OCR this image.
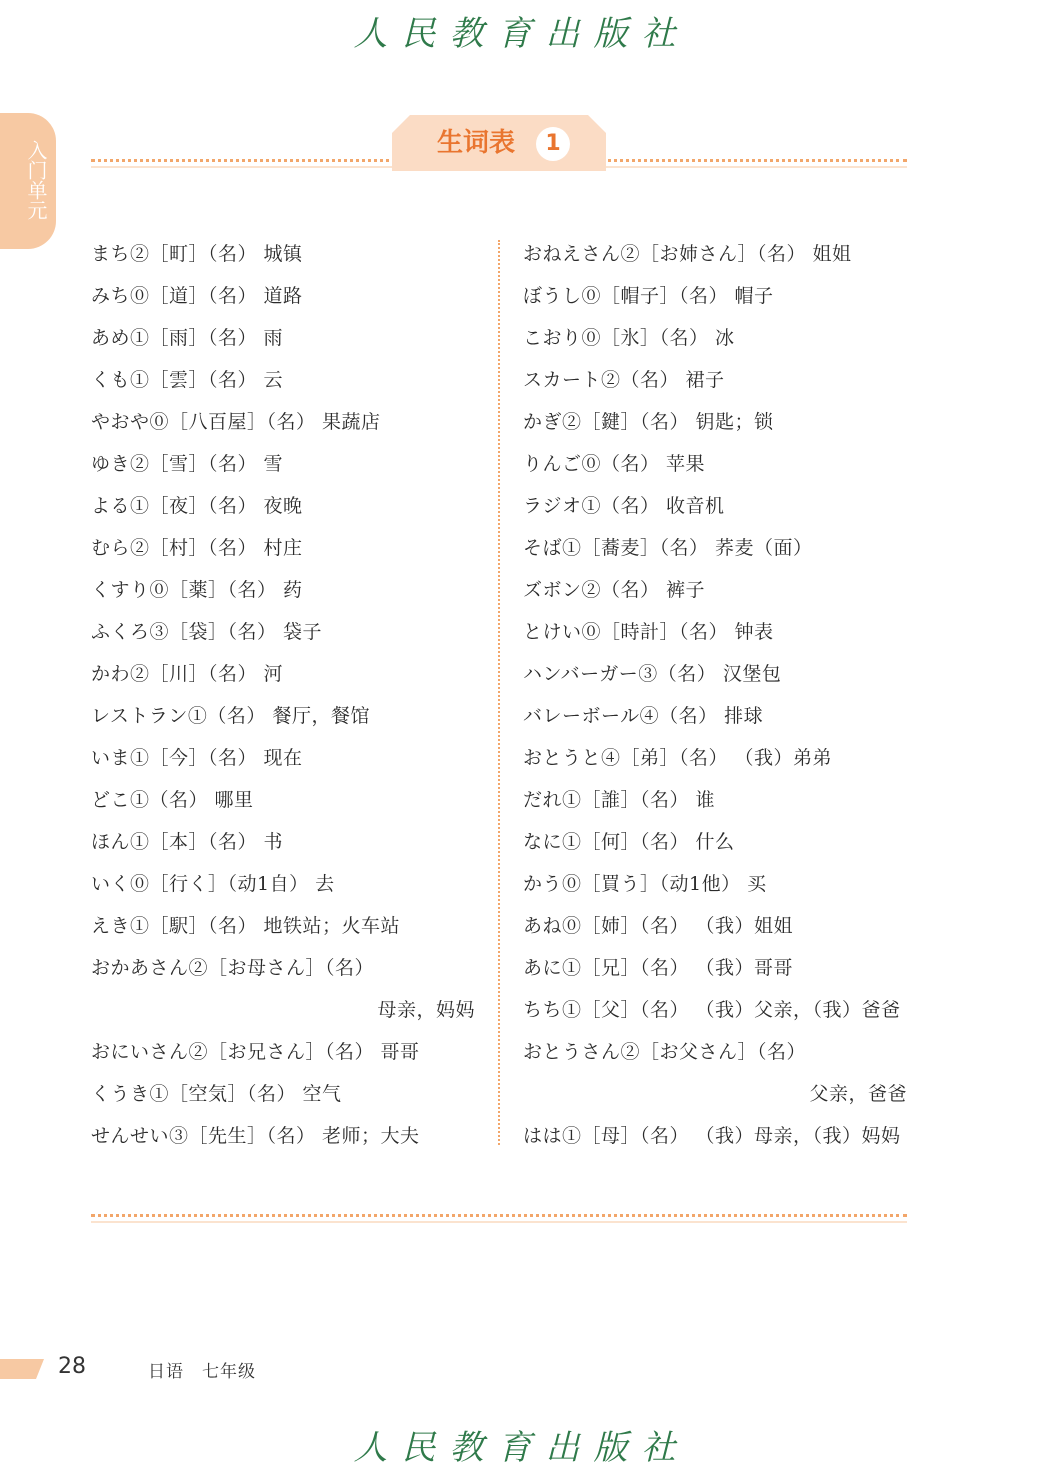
人民教育出版社
入门单元	生词表	1
まち②［町］（名） 城镇
みち⓪［道］（名） 道路
あめ①［雨］（名） 雨
くも①［雲］（名） 云
やおや⓪［八百屋］（名） 果蔬店
ゆき②［雪］（名） 雪
よる①［夜］（名） 夜晚
むら②［村］（名） 村庄
くすり⓪［薬］（名） 药
ふくろ③［袋］（名） 袋子
かわ②［川］（名） 河
レストラン①（名） 餐厅，餐馆
いま①［今］（名） 现在
どこ①（名） 哪里
ほん①［本］（名） 书
いく⓪［行く］（动1自） 去
えき①［駅］（名） 地铁站；火车站
おかあさん②［お母さん］（名）
母亲，妈妈
おにいさん②［お兄さん］（名） 哥哥
くうき①［空気］（名） 空气
せんせい③［先生］（名） 老师；大夫
おねえさん②［お姉さん］（名） 姐姐
ぼうし⓪［帽子］（名） 帽子
こおり⓪［氷］（名） 冰
スカート②（名） 裙子
かぎ②［鍵］（名） 钥匙；锁
りんご⓪（名） 苹果
ラジオ①（名） 收音机
そば①［蕎麦］（名） 荞麦（面）
ズボン②（名） 裤子
とけい⓪［時計］（名） 钟表
ハンバーガー③（名） 汉堡包
バレーボール④（名） 排球
おとうと④［弟］（名） （我）弟弟
だれ①［誰］（名） 谁
なに①［何］（名） 什么
かう⓪［買う］（动1他） 买
あね⓪［姉］（名） （我）姐姐
あに①［兄］（名） （我）哥哥
ちち①［父］（名） （我）父亲，（我）爸爸
おとうさん②［お父さん］（名）
父亲，爸爸
はは①［母］（名） （我）母亲，（我）妈妈
28	日语　七年级
人民教育出版社
